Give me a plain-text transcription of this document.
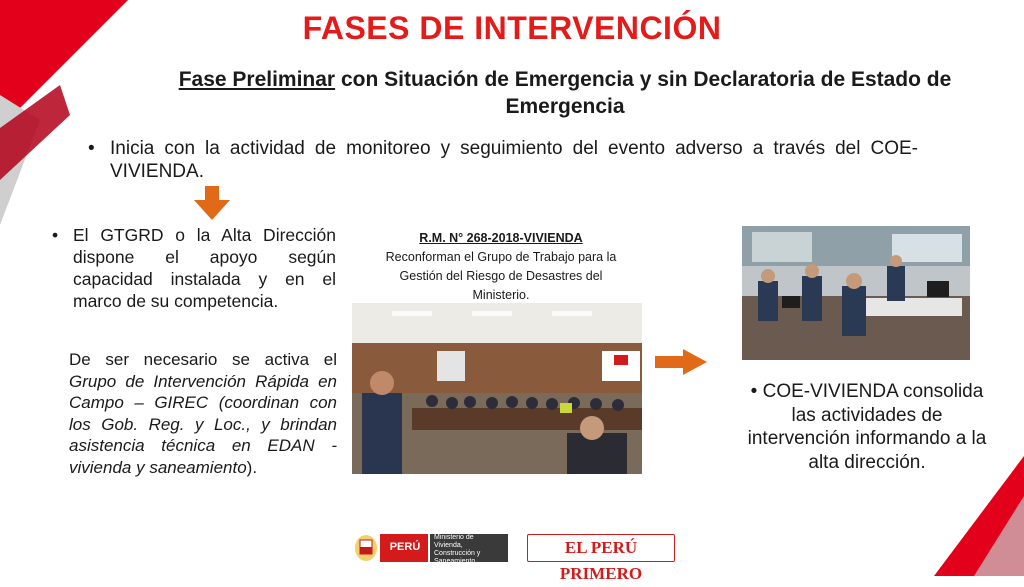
FASES DE INTERVENCIÓN
Fase Preliminar con Situación de Emergencia y sin Declaratoria de Estado de Emergencia
• Inicia con la actividad de monitoreo y seguimiento del evento adverso a través del COE-VIVIENDA.
• El GTGRD o la Alta Dirección dispone el apoyo según capacidad instalada y en el marco de su competencia.
De ser necesario se activa el Grupo de Intervención Rápida en Campo – GIREC (coordinan con los Gob. Reg. y Loc., y brindan asistencia técnica en EDAN - vivienda y saneamiento).
R.M. N° 268-2018-VIVIENDA
Reconforman el Grupo de Trabajo para la Gestión del Riesgo de Desastres del Ministerio.
• COE-VIVIENDA consolida las actividades de intervención informando a la alta dirección.
PERÚ
Ministerio de Vivienda, Construcción y Saneamiento
EL PERÚ PRIMERO
